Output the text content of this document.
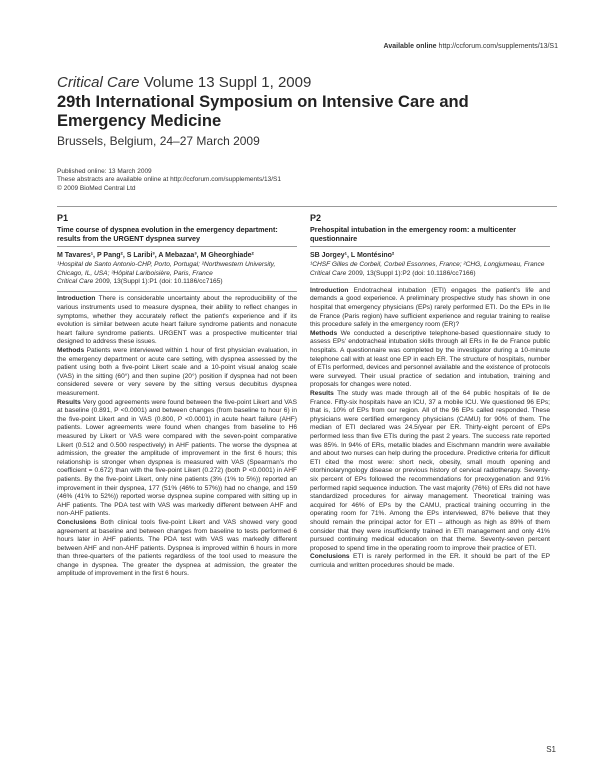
Available online http://ccforum.com/supplements/13/S1
Critical Care Volume 13 Suppl 1, 2009
29th International Symposium on Intensive Care and Emergency Medicine
Brussels, Belgium, 24–27 March 2009
Published online: 13 March 2009
These abstracts are available online at http://ccforum.com/supplements/13/S1
© 2009 BioMed Central Ltd
P1
Time course of dyspnea evolution in the emergency department: results from the URGENT dyspnea survey
M Tavares¹, P Pang², S Laribi³, A Mebazaa³, M Gheorghiade²
¹Hospital de Santo Antonio-CHP, Porto, Portugal; ²Northwestern University, Chicago, IL, USA; ³Hôpital Lariboisière, Paris, France
Critical Care 2009, 13(Suppl 1):P1 (doi: 10.1186/cc7165)

Introduction There is considerable uncertainty about the reproducibility of the various instruments used to measure dyspnea, their ability to reflect changes in symptoms, whether they accurately reflect the patient's experience and if its evolution is similar between acute heart failure syndrome patients and nonacute heart failure syndrome patients. URGENT was a prospective multicenter trial designed to address these issues.

Methods Patients were interviewed within 1 hour of first physician evaluation, in the emergency department or acute care setting, with dyspnea assessed by the patient using both a five-point Likert scale and a 10-point visual analog scale (VAS) in the sitting (60°) and then supine (20°) position if dyspnea had not been considered severe or very severe by the sitting versus decubitus dyspnea measurement.

Results Very good agreements were found between the five-point Likert and VAS at baseline (0.891, P <0.0001) and between changes (from baseline to hour 6) in the five-point Likert and in VAS (0.800, P <0.0001) in acute heart failure (AHF) patients. Lower agreements were found when changes from baseline to H6 measured by Likert or VAS were compared with the seven-point comparative Likert (0.512 and 0.500 respectively) in AHF patients. The worse the dyspnea at admission, the greater the amplitude of improvement in the first 6 hours; this relationship is stronger when dyspnea is measured with VAS (Spearman's rho coefficient = 0.672) than with the five-point Likert (0.272) (both P <0.0001) in AHF patients. By the five-point Likert, only nine patients (3% (1% to 5%)) reported an improvement in their dyspnea, 177 (51% (46% to 57%)) had no change, and 159 (46% (41% to 52%)) reported worse dyspnea supine compared with sitting up in AHF patients. The PDA test with VAS was markedly different between AHF and non-AHF patients.

Conclusions Both clinical tools five-point Likert and VAS showed very good agreement at baseline and between changes from baseline to tests performed 6 hours later in AHF patients. The PDA test with VAS was markedly different between AHF and non-AHF patients. Dyspnea is improved within 6 hours in more than three-quarters of the patients regardless of the tool used to measure the change in dyspnea. The greater the dyspnea at admission, the greater the amplitude of improvement in the first 6 hours.

P2
Prehospital intubation in the emergency room: a multicenter questionnaire
SB Jorgey¹, L Montésino²
¹CHSF Gilles de Corbeil, Corbeil Essonnes, France; ²CHG, Longjumeau, France
Critical Care 2009, 13(Suppl 1):P2 (doi: 10.1186/cc7166)

Introduction Endotracheal intubation (ETI) engages the patient's life and demands a good experience. A preliminary prospective study has shown in one hospital that emergency physicians (EPs) rarely performed ETI. Do the EPs in Ile de France (Paris region) have sufficient experience and regular training to realise this procedure safely in the emergency room (ER)?

Methods We conducted a descriptive telephone-based questionnaire study to assess EPs' endotracheal intubation skills through all ERs in Ile de France public hospitals. A questionnaire was completed by the investigator during a 10-minute telephone call with at least one EP in each ER. The structure of hospitals, number of ETIs performed, devices and personnel available and the existence of protocols were surveyed. Their usual practice of sedation and intubation, training and proposals for changes were noted.

Results The study was made through all of the 64 public hospitals of Ile de France. Fifty-six hospitals have an ICU, 37 a mobile ICU. We questioned 96 EPs; that is, 10% of EPs from our region. All of the 96 EPs called responded. These physicians were certified emergency physicians (CAMU) for 90% of them. The median of ETI declared was 24.5/year per ER. Thirty-eight percent of EPs performed less than five ETIs during the past 2 years. The success rate reported was 85%. In 94% of ERs, metallic blades and Eischmann mandrin were available and about two nurses can help during the procedure. Predictive criteria for difficult ETI cited the most were: short neck, obesity, small mouth opening and otorhinolaryngology disease or previous history of cervical radiotherapy. Seventy-six percent of EPs followed the recommendations for preoxygenation and 91% performed rapid sequence induction. The vast majority (76%) of ERs did not have standardized procedures for airway management. Theoretical training was acquired for 46% of EPs by the CAMU, practical training occurring in the operating room for 71%. Among the EPs interviewed, 87% believe that they should remain the principal actor for ETI – although as high as 89% of them consider that they were insufficiently trained in ETI management and only 41% pursued continuing medical education on that theme. Seventy-seven percent proposed to spend time in the operating room to improve their practice of ETI.

Conclusions ETI is rarely performed in the ER. It should be part of the EP curricula and written procedures should be made.

S1
